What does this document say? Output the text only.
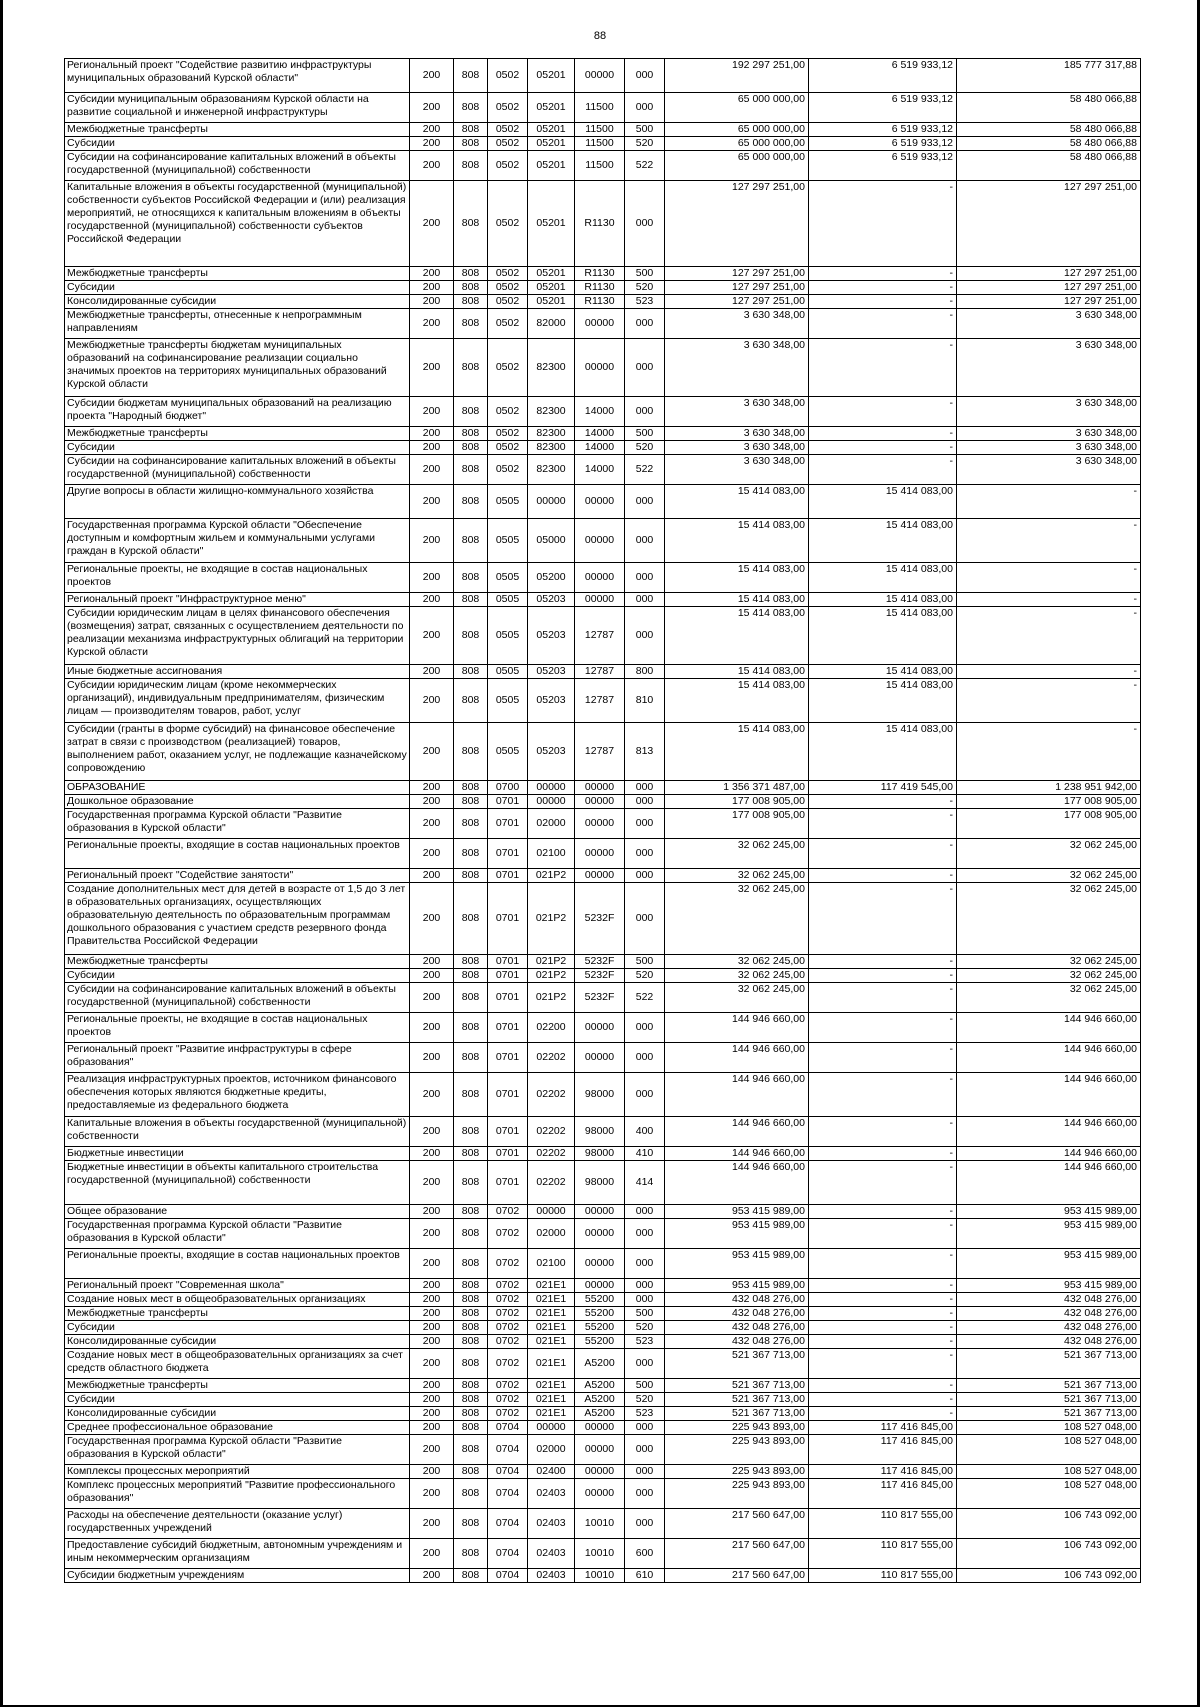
88
Региональный проект "Содействие развитию инфраструктуры муниципальных образований Курской области"	200	808	0502	05201	00000	000	192 297 251,00	6 519 933,12	185 777 317,88
Субсидии муниципальным образованиям Курской области на развитие социальной и инженерной инфраструктуры	200	808	0502	05201	11500	000	65 000 000,00	6 519 933,12	58 480 066,88
Межбюджетные трансферты	200	808	0502	05201	11500	500	65 000 000,00	6 519 933,12	58 480 066,88
Субсидии	200	808	0502	05201	11500	520	65 000 000,00	6 519 933,12	58 480 066,88
Субсидии на софинансирование капитальных вложений в объекты государственной (муниципальной) собственности	200	808	0502	05201	11500	522	65 000 000,00	6 519 933,12	58 480 066,88
Капитальные вложения в объекты государственной (муниципальной) собственности субъектов Российской Федерации и (или) реализация мероприятий, не относящихся к капитальным вложениям в объекты государственной (муниципальной) собственности субъектов Российской Федерации	200	808	0502	05201	R1130	000	127 297 251,00	-	127 297 251,00
Межбюджетные трансферты	200	808	0502	05201	R1130	500	127 297 251,00	-	127 297 251,00
Субсидии	200	808	0502	05201	R1130	520	127 297 251,00	-	127 297 251,00
Консолидированные субсидии	200	808	0502	05201	R1130	523	127 297 251,00	-	127 297 251,00
Межбюджетные трансферты, отнесенные к непрограммным направлениям	200	808	0502	82000	00000	000	3 630 348,00	-	3 630 348,00
Межбюджетные трансферты бюджетам муниципальных образований на софинансирование реализации социально значимых проектов на территориях муниципальных образований Курской области	200	808	0502	82300	00000	000	3 630 348,00	-	3 630 348,00
Субсидии бюджетам муниципальных образований на реализацию проекта "Народный бюджет"	200	808	0502	82300	14000	000	3 630 348,00	-	3 630 348,00
Межбюджетные трансферты	200	808	0502	82300	14000	500	3 630 348,00	-	3 630 348,00
Субсидии	200	808	0502	82300	14000	520	3 630 348,00	-	3 630 348,00
Субсидии на софинансирование капитальных вложений в объекты государственной (муниципальной) собственности	200	808	0502	82300	14000	522	3 630 348,00	-	3 630 348,00
Другие вопросы в области жилищно-коммунального хозяйства	200	808	0505	00000	00000	000	15 414 083,00	15 414 083,00	-
Государственная программа Курской области "Обеспечение доступным и комфортным жильем и коммунальными услугами граждан в Курской области"	200	808	0505	05000	00000	000	15 414 083,00	15 414 083,00	-
Региональные проекты, не входящие в состав национальных проектов	200	808	0505	05200	00000	000	15 414 083,00	15 414 083,00	-
Региональный проект "Инфраструктурное меню"	200	808	0505	05203	00000	000	15 414 083,00	15 414 083,00	-
Субсидии юридическим лицам в целях финансового обеспечения (возмещения) затрат, связанных с осуществлением деятельности по реализации механизма инфраструктурных облигаций на территории Курской области	200	808	0505	05203	12787	000	15 414 083,00	15 414 083,00	-
Иные бюджетные ассигнования	200	808	0505	05203	12787	800	15 414 083,00	15 414 083,00	-
Субсидии юридическим лицам (кроме некоммерческих организаций), индивидуальным предпринимателям, физическим лицам — производителям товаров, работ, услуг	200	808	0505	05203	12787	810	15 414 083,00	15 414 083,00	-
Субсидии (гранты в форме субсидий) на финансовое обеспечение затрат в связи с производством (реализацией) товаров, выполнением работ, оказанием услуг, не подлежащие казначейскому сопровождению	200	808	0505	05203	12787	813	15 414 083,00	15 414 083,00	-
ОБРАЗОВАНИЕ	200	808	0700	00000	00000	000	1 356 371 487,00	117 419 545,00	1 238 951 942,00
Дошкольное образование	200	808	0701	00000	00000	000	177 008 905,00	-	177 008 905,00
Государственная программа Курской области "Развитие образования в Курской области"	200	808	0701	02000	00000	000	177 008 905,00	-	177 008 905,00
Региональные проекты, входящие в состав национальных проектов	200	808	0701	02100	00000	000	32 062 245,00	-	32 062 245,00
Региональный проект "Содействие занятости"	200	808	0701	021P2	00000	000	32 062 245,00	-	32 062 245,00
Создание дополнительных мест для детей в возрасте от 1,5 до 3 лет в образовательных организациях, осуществляющих образовательную деятельность по образовательным программам дошкольного образования с участием средств резервного фонда Правительства Российской Федерации	200	808	0701	021P2	5232F	000	32 062 245,00	-	32 062 245,00
Межбюджетные трансферты	200	808	0701	021P2	5232F	500	32 062 245,00	-	32 062 245,00
Субсидии	200	808	0701	021P2	5232F	520	32 062 245,00	-	32 062 245,00
Субсидии на софинансирование капитальных вложений в объекты государственной (муниципальной) собственности	200	808	0701	021P2	5232F	522	32 062 245,00	-	32 062 245,00
Региональные проекты, не входящие в состав национальных проектов	200	808	0701	02200	00000	000	144 946 660,00	-	144 946 660,00
Региональный проект "Развитие инфраструктуры в сфере образования"	200	808	0701	02202	00000	000	144 946 660,00	-	144 946 660,00
Реализация инфраструктурных проектов, источником финансового обеспечения которых являются бюджетные кредиты, предоставляемые из федерального бюджета	200	808	0701	02202	98000	000	144 946 660,00	-	144 946 660,00
Капитальные вложения в объекты государственной (муниципальной) собственности	200	808	0701	02202	98000	400	144 946 660,00	-	144 946 660,00
Бюджетные инвестиции	200	808	0701	02202	98000	410	144 946 660,00	-	144 946 660,00
Бюджетные инвестиции в объекты капитального строительства государственной (муниципальной) собственности	200	808	0701	02202	98000	414	144 946 660,00	-	144 946 660,00
Общее образование	200	808	0702	00000	00000	000	953 415 989,00	-	953 415 989,00
Государственная программа Курской области "Развитие образования в Курской области"	200	808	0702	02000	00000	000	953 415 989,00	-	953 415 989,00
Региональные проекты, входящие в состав национальных проектов	200	808	0702	02100	00000	000	953 415 989,00	-	953 415 989,00
Региональный проект "Современная школа"	200	808	0702	021E1	00000	000	953 415 989,00	-	953 415 989,00
Создание новых мест в общеобразовательных организациях	200	808	0702	021E1	55200	000	432 048 276,00	-	432 048 276,00
Межбюджетные трансферты	200	808	0702	021E1	55200	500	432 048 276,00	-	432 048 276,00
Субсидии	200	808	0702	021E1	55200	520	432 048 276,00	-	432 048 276,00
Консолидированные субсидии	200	808	0702	021E1	55200	523	432 048 276,00	-	432 048 276,00
Создание новых мест в общеобразовательных организациях за счет средств областного бюджета	200	808	0702	021E1	A5200	000	521 367 713,00	-	521 367 713,00
Межбюджетные трансферты	200	808	0702	021E1	A5200	500	521 367 713,00	-	521 367 713,00
Субсидии	200	808	0702	021E1	A5200	520	521 367 713,00	-	521 367 713,00
Консолидированные субсидии	200	808	0702	021E1	A5200	523	521 367 713,00	-	521 367 713,00
Среднее профессиональное образование	200	808	0704	00000	00000	000	225 943 893,00	117 416 845,00	108 527 048,00
Государственная программа Курской области "Развитие образования в Курской области"	200	808	0704	02000	00000	000	225 943 893,00	117 416 845,00	108 527 048,00
Комплексы процессных мероприятий	200	808	0704	02400	00000	000	225 943 893,00	117 416 845,00	108 527 048,00
Комплекс процессных мероприятий "Развитие профессионального образования"	200	808	0704	02403	00000	000	225 943 893,00	117 416 845,00	108 527 048,00
Расходы на обеспечение деятельности (оказание услуг) государственных учреждений	200	808	0704	02403	10010	000	217 560 647,00	110 817 555,00	106 743 092,00
Предоставление субсидий бюджетным, автономным учреждениям и иным некоммерческим организациям	200	808	0704	02403	10010	600	217 560 647,00	110 817 555,00	106 743 092,00
Субсидии бюджетным учреждениям	200	808	0704	02403	10010	610	217 560 647,00	110 817 555,00	106 743 092,00
